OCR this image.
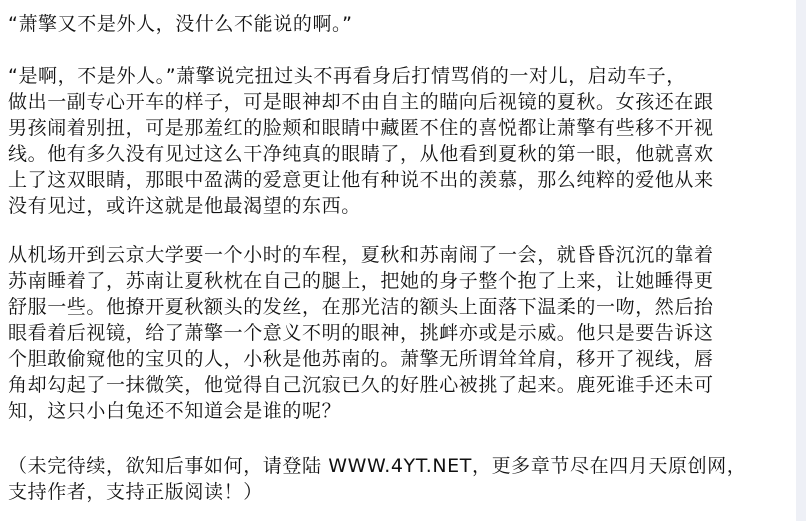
“萧擎又不是外人，没什么不能说的啊。”
“是啊，不是外人。”萧擎说完扭过头不再看身后打情骂俏的一对儿，启动车子，
做出一副专心开车的样子，可是眼神却不由自主的瞄向后视镜的夏秋。女孩还在跟
男孩闹着别扭，可是那羞红的脸颊和眼睛中藏匿不住的喜悦都让萧擎有些移不开视
线。他有多久没有见过这么干净纯真的眼睛了，从他看到夏秋的第一眼，他就喜欢
上了这双眼睛，那眼中盈满的爱意更让他有种说不出的羡慕，那么纯粹的爱他从来
没有见过，或许这就是他最渴望的东西。
从机场开到云京大学要一个小时的车程，夏秋和苏南闹了一会，就昏昏沉沉的靠着
苏南睡着了，苏南让夏秋枕在自己的腿上，把她的身子整个抱了上来，让她睡得更
舒服一些。他撩开夏秋额头的发丝，在那光洁的额头上面落下温柔的一吻，然后抬
眼看着后视镜，给了萧擎一个意义不明的眼神，挑衅亦或是示威。他只是要告诉这
个胆敢偷窥他的宝贝的人，小秋是他苏南的。萧擎无所谓耸耸肩，移开了视线，唇
角却勾起了一抹微笑，他觉得自己沉寂已久的好胜心被挑了起来。鹿死谁手还未可
知，这只小白兔还不知道会是谁的呢？
（未完待续，欲知后事如何，请登陆 WWW.4YT.NET，更多章节尽在四月天原创网，
支持作者，支持正版阅读！）
